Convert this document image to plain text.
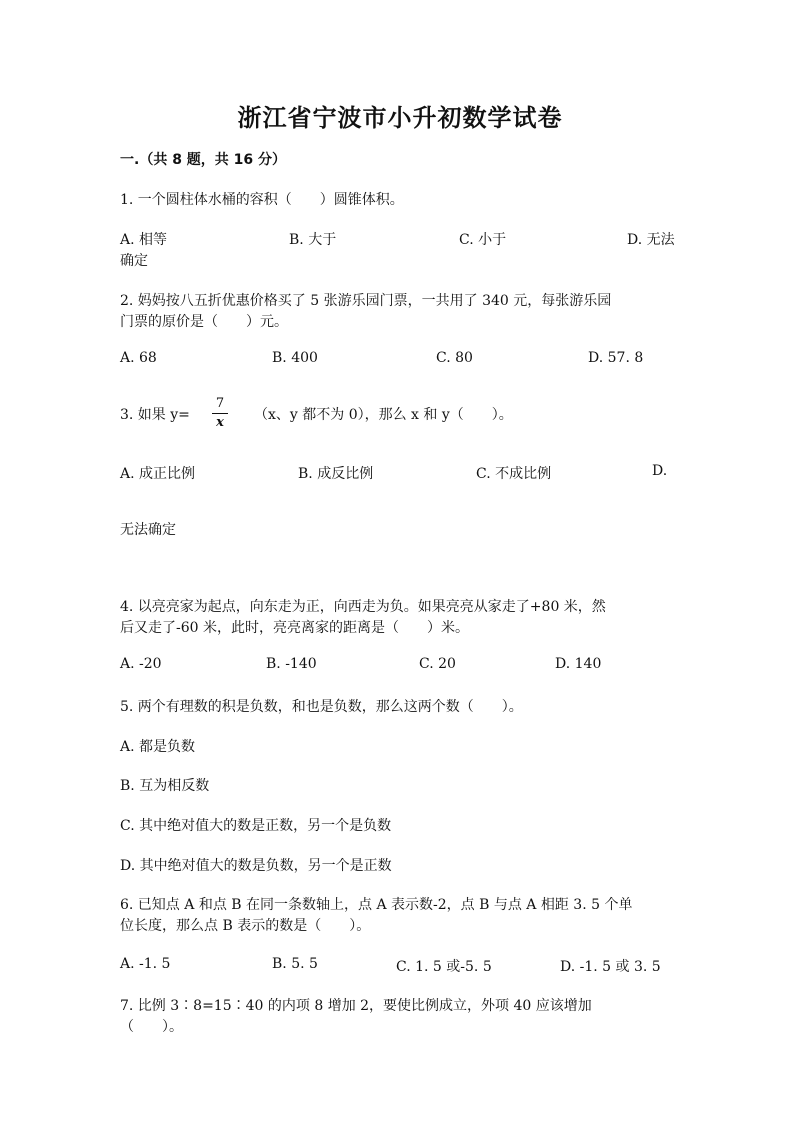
浙江省宁波市小升初数学试卷
一.（共 8 题，共 16 分）
1. 一个圆柱体水桶的容积（　　）圆锥体积。
A. 相等	B. 大于	C. 小于	D. 无法
确定
2. 妈妈按八五折优惠价格买了 5 张游乐园门票，一共用了 340 元，每张游乐园
门票的原价是（　　）元。
A. 68	B. 400	C. 80	D. 57. 8
3. 如果 y=
7
x （x、y 都不为 0），那么 x 和 y（　　）。
A. 成正比例	B. 成反比例	C. 不成比例	D.
无法确定
4. 以亮亮家为起点，向东走为正，向西走为负。如果亮亮从家走了+80 米，然
后又走了-60 米，此时，亮亮离家的距离是（　　）米。
A. -20	B. -140	C. 20	D. 140
5. 两个有理数的积是负数，和也是负数，那么这两个数（　　）。
A. 都是负数
B. 互为相反数
C. 其中绝对值大的数是正数，另一个是负数
D. 其中绝对值大的数是负数，另一个是正数
6. 已知点 A 和点 B 在同一条数轴上，点 A 表示数-2，点 B 与点 A 相距 3. 5 个单
位长度，那么点 B 表示的数是（　　）。
A. -1. 5	B. 5. 5	C. 1. 5 或-5. 5	D. -1. 5 或 3. 5
7. 比例 3∶8=15∶40 的内项 8 增加 2，要使比例成立，外项 40 应该增加
（　　）。
